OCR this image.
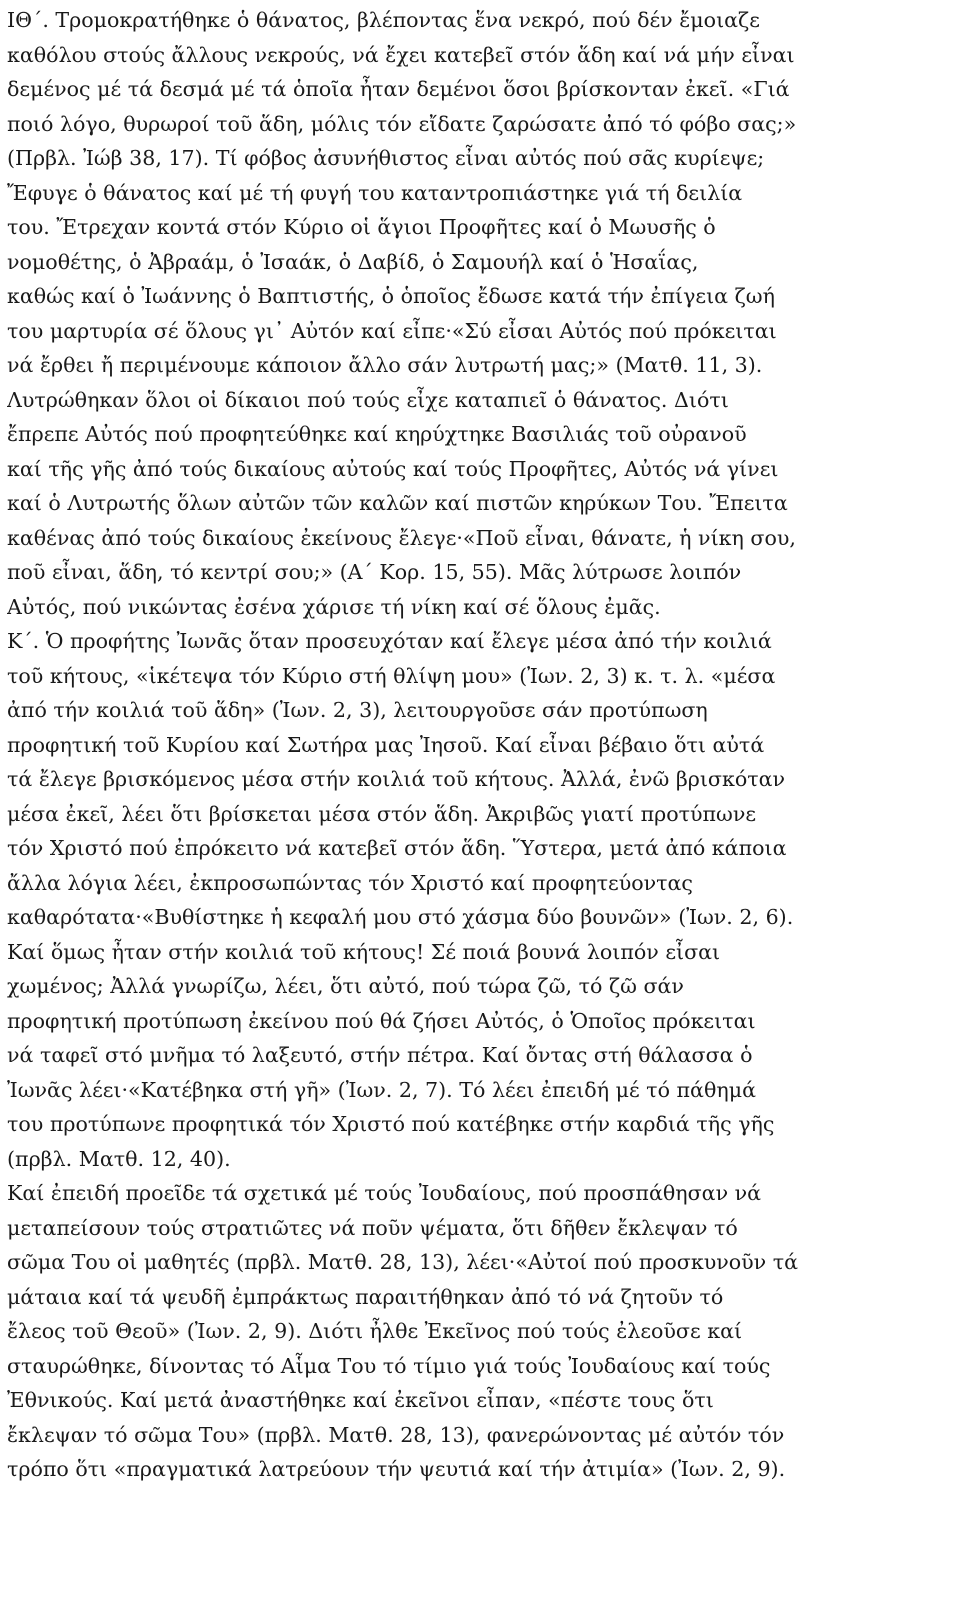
ΙΘ΄. Τρομοκρατήθηκε ὁ θάνατος, βλέποντας ἕνα νεκρό, πού δέν ἔμοιαζε
καθόλου στούς ἄλλους νεκρούς, νά ἔχει κατεβεῖ στόν ἅδη καί νά μήν εἶναι
δεμένος μέ τά δεσμά μέ τά ὁποῖα ἦταν δεμένοι ὅσοι βρίσκονταν ἐκεῖ. «Γιά
ποιό λόγο, θυρωροί τοῦ ἅδη, μόλις τόν εἴδατε ζαρώσατε ἀπό τό φόβο σας;»
(Πρβλ. Ἰώβ 38, 17). Τί φόβος ἀσυνήθιστος εἶναι αὐτός πού σᾶς κυρίεψε;
Ἔφυγε ὁ θάνατος καί μέ τή φυγή του καταντροπιάστηκε γιά τή δειλία
του. Ἔτρεχαν κοντά στόν Κύριο οἱ ἅγιοι Προφῆτες καί ὁ Μωυσῆς ὁ
νομοθέτης, ὁ Ἀβραάμ, ὁ Ἰσαάκ, ὁ Δαβίδ, ὁ Σαμουήλ καί ὁ Ἡσαΐας,
καθώς καί ὁ Ἰωάννης ὁ Βαπτιστής, ὁ ὁποῖος ἔδωσε κατά τήν ἐπίγεια ζωή
του μαρτυρία σέ ὅλους γι᾿ Αὐτόν καί εἶπε·«Σύ εἶσαι Αὐτός πού πρόκειται
νά ἔρθει ἤ περιμένουμε κάποιον ἄλλο σάν λυτρωτή μας;» (Ματθ. 11, 3).
Λυτρώθηκαν ὅλοι οἱ δίκαιοι πού τούς εἶχε καταπιεῖ ὁ θάνατος. Διότι
ἔπρεπε Αὐτός πού προφητεύθηκε καί κηρύχτηκε Βασιλιάς τοῦ οὐρανοῦ
καί τῆς γῆς ἀπό τούς δικαίους αὐτούς καί τούς Προφῆτες, Αὐτός νά γίνει
καί ὁ Λυτρωτής ὅλων αὐτῶν τῶν καλῶν καί πιστῶν κηρύκων Του. Ἔπειτα
καθένας ἀπό τούς δικαίους ἐκείνους ἔλεγε·«Ποῦ εἶναι, θάνατε, ἡ νίκη σου,
ποῦ εἶναι, ἅδη, τό κεντρί σου;» (Α΄ Κορ. 15, 55). Μᾶς λύτρωσε λοιπόν
Αὐτός, πού νικώντας ἐσένα χάρισε τή νίκη καί σέ ὅλους ἐμᾶς.
Κ΄. Ὁ προφήτης Ἰωνᾶς ὅταν προσευχόταν καί ἔλεγε μέσα ἀπό τήν κοιλιά
τοῦ κήτους, «ἱκέτεψα τόν Κύριο στή θλίψη μου» (Ἰων. 2, 3) κ. τ. λ. «μέσα
ἀπό τήν κοιλιά τοῦ ἅδη» (Ἰων. 2, 3), λειτουργοῦσε σάν προτύπωση
προφητική τοῦ Κυρίου καί Σωτήρα μας Ἰησοῦ. Καί εἶναι βέβαιο ὅτι αὐτά
τά ἔλεγε βρισκόμενος μέσα στήν κοιλιά τοῦ κήτους. Ἀλλά, ἐνῶ βρισκόταν
μέσα ἐκεῖ, λέει ὅτι βρίσκεται μέσα στόν ἅδη. Ἀκριβῶς γιατί προτύπωνε
τόν Χριστό πού ἐπρόκειτο νά κατεβεῖ στόν ἅδη. Ὕστερα, μετά ἀπό κάποια
ἄλλα λόγια λέει, ἐκπροσωπώντας τόν Χριστό καί προφητεύοντας
καθαρότατα·«Βυθίστηκε ἡ κεφαλή μου στό χάσμα δύο βουνῶν» (Ἰων. 2, 6).
Καί ὅμως ἦταν στήν κοιλιά τοῦ κήτους! Σέ ποιά βουνά λοιπόν εἶσαι
χωμένος; Ἀλλά γνωρίζω, λέει, ὅτι αὐτό, πού τώρα ζῶ, τό ζῶ σάν
προφητική προτύπωση ἐκείνου πού θά ζήσει Αὐτός, ὁ Ὁποῖος πρόκειται
νά ταφεῖ στό μνῆμα τό λαξευτό, στήν πέτρα. Καί ὄντας στή θάλασσα ὁ
Ἰωνᾶς λέει·«Κατέβηκα στή γῆ» (Ἰων. 2, 7). Τό λέει ἐπειδή μέ τό πάθημά
του προτύπωνε προφητικά τόν Χριστό πού κατέβηκε στήν καρδιά τῆς γῆς
(πρβλ. Ματθ. 12, 40).
Καί ἐπειδή προεῖδε τά σχετικά μέ τούς Ἰουδαίους, πού προσπάθησαν νά
μεταπείσουν τούς στρατιῶτες νά ποῦν ψέματα, ὅτι δῆθεν ἔκλεψαν τό
σῶμα Του οἱ μαθητές (πρβλ. Ματθ. 28, 13), λέει·«Αὐτοί πού προσκυνοῦν τά
μάταια καί τά ψευδῆ ἐμπράκτως παραιτήθηκαν ἀπό τό νά ζητοῦν τό
ἔλεος τοῦ Θεοῦ» (Ἰων. 2, 9). Διότι ἦλθε Ἐκεῖνος πού τούς ἐλεοῦσε καί
σταυρώθηκε, δίνοντας τό Αἷμα Του τό τίμιο γιά τούς Ἰουδαίους καί τούς
Ἐθνικούς. Καί μετά ἀναστήθηκε καί ἐκεῖνοι εἶπαν, «πέστε τους ὅτι
ἔκλεψαν τό σῶμα Του» (πρβλ. Ματθ. 28, 13), φανερώνοντας μέ αὐτόν τόν
τρόπο ὅτι «πραγματικά λατρεύουν τήν ψευτιά καί τήν ἀτιμία» (Ἰων. 2, 9).
